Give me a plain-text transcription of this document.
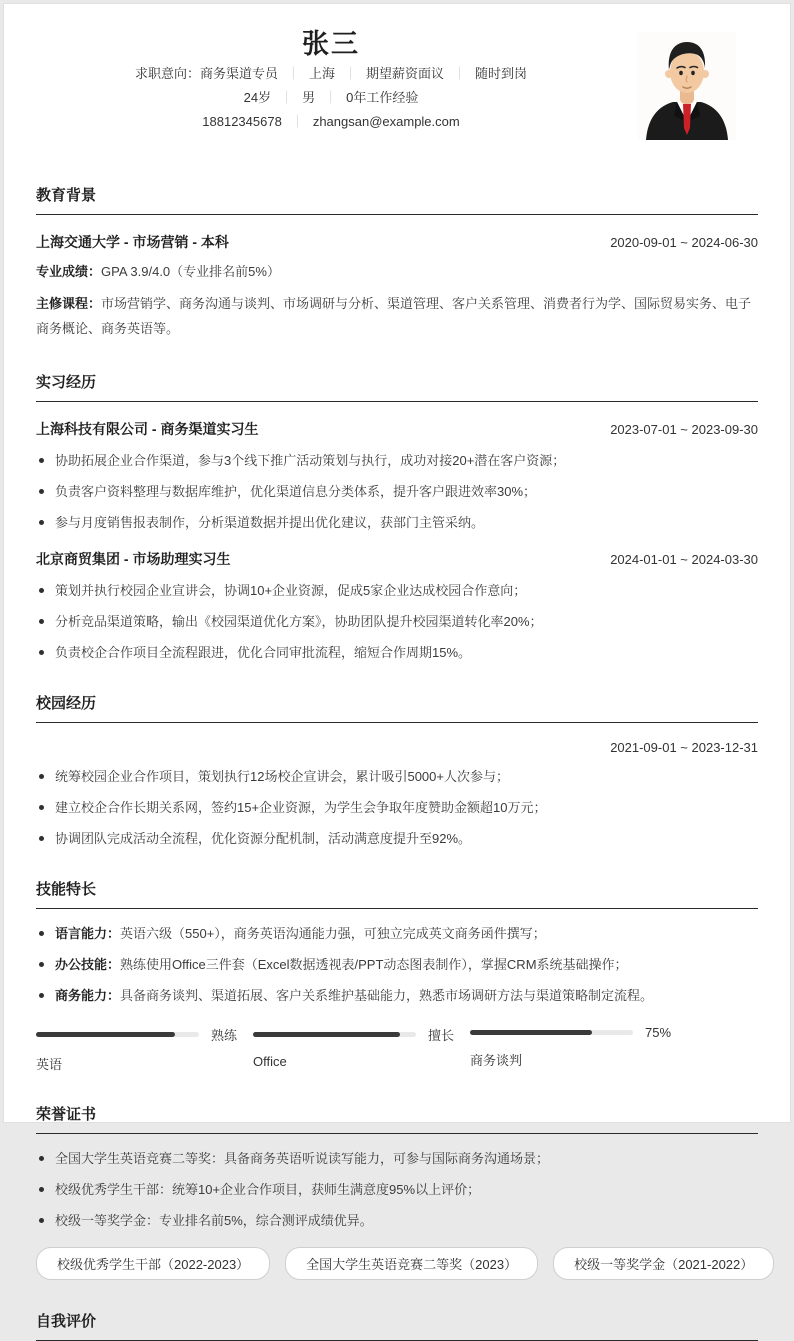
张三
求职意向：商务渠道专员 ｜ 上海 ｜ 期望薪资面议 ｜ 随时到岗
24岁 ｜ 男 ｜ 0年工作经验
18812345678 ｜ zhangsan@example.com
教育背景
上海交通大学 - 市场营销 - 本科	2020-09-01 ~ 2024-06-30
专业成绩：GPA 3.9/4.0（专业排名前5%）
主修课程：市场营销学、商务沟通与谈判、市场调研与分析、渠道管理、客户关系管理、消费者行为学、国际贸易实务、电子商务概论、商务英语等。
实习经历
上海科技有限公司 - 商务渠道实习生	2023-07-01 ~ 2023-09-30
协助拓展企业合作渠道，参与3个线下推广活动策划与执行，成功对接20+潜在客户资源；
负责客户资料整理与数据库维护，优化渠道信息分类体系，提升客户跟进效率30%；
参与月度销售报表制作，分析渠道数据并提出优化建议，获部门主管采纳。
北京商贸集团 - 市场助理实习生	2024-01-01 ~ 2024-03-30
策划并执行校园企业宣讲会，协调10+企业资源，促成5家企业达成校园合作意向；
分析竞品渠道策略，输出《校园渠道优化方案》，协助团队提升校园渠道转化率20%；
负责校企合作项目全流程跟进，优化合同审批流程，缩短合作周期15%。
校园经历
2021-09-01 ~ 2023-12-31
统筹校园企业合作项目，策划执行12场校企宣讲会，累计吸引5000+人次参与；
建立校企合作长期关系网，签约15+企业资源，为学生会争取年度赞助金额超10万元；
协调团队完成活动全流程，优化资源分配机制，活动满意度提升至92%。
技能特长
语言能力：英语六级（550+），商务英语沟通能力强，可独立完成英文商务函件撰写；
办公技能：熟练使用Office三件套（Excel数据透视表/PPT动态图表制作），掌握CRM系统基础操作；
商务能力：具备商务谈判、渠道拓展、客户关系维护基础能力，熟悉市场调研方法与渠道策略制定流程。
熟练
英语
擅长
Office
75%
商务谈判
荣誉证书
全国大学生英语竞赛二等奖：具备商务英语听说读写能力，可参与国际商务沟通场景；
校级优秀学生干部：统筹10+企业合作项目，获师生满意度95%以上评价；
校级一等奖学金：专业排名前5%，综合测评成绩优异。
校级优秀学生干部（2022-2023）	全国大学生英语竞赛二等奖（2023）	校级一等奖学金（2021-2022）
自我评价
